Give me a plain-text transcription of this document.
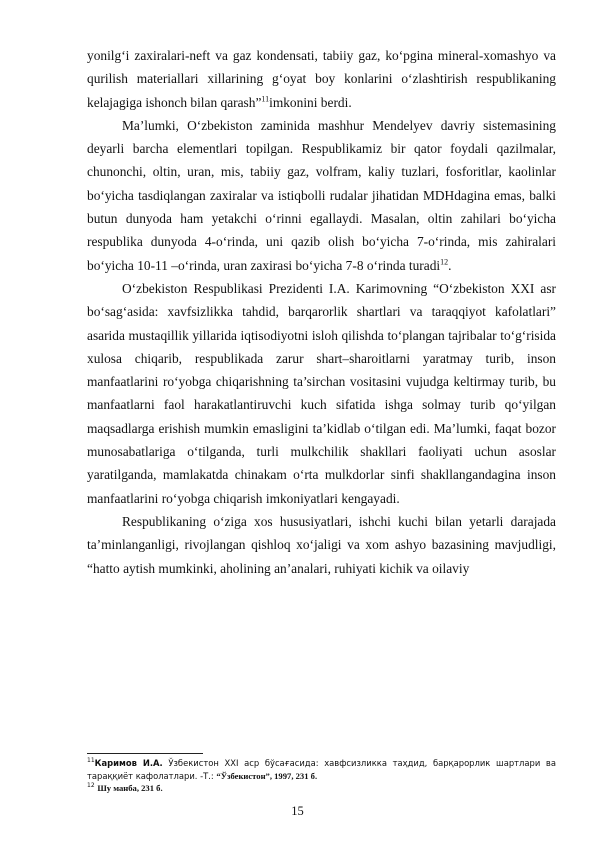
yonilg‘i zaxiralari-neft va gaz kondensati, tabiiy gaz, ko‘pgina mineral-xomashyo va qurilish materiallari xillarining g‘oyat boy konlarini o‘zlashtirish respublikaning kelajagiga ishonch bilan qarash”$^{11}$imkonini berdi.

Ma’lumki, O‘zbekiston zaminida mashhur Mendelyev davriy sistemasining deyarli barcha elementlari topilgan. Respublikamiz bir qator foydali qazilmalar, chunonchi, oltin, uran, mis, tabiiy gaz, volfram, kaliy tuzlari, fosforitlar, kaolinlar bo‘yicha tasdiqlangan zaxiralar va istiqbolli rudalar jihatidan MDHdagina emas, balki butun dunyoda ham yetakchi o‘rinni egallaydi. Masalan, oltin zahilari bo‘yicha respublika dunyoda 4-o‘rinda, uni qazib olish bo‘yicha 7-o‘rinda, mis zahiralari bo‘yicha 10-11 –o‘rinda, uran zaxirasi bo‘yicha 7-8 o‘rinda turadi$^{12}$.

O‘zbekiston Respublikasi Prezidenti I.A. Karimovning “O‘zbekiston XXI asr bo‘sag‘asida: xavfsizlikka tahdid, barqarorlik shartlari va taraqqiyot kafolatlari” asarida mustaqillik yillarida iqtisodiyotni isloh qilishda to‘plangan tajribalar to‘g‘risida xulosa chiqarib, respublikada zarur shart–sharoitlarni yaratmay turib, inson manfaatlarini ro‘yobga chiqarishning ta’sirchan vositasini vujudga keltirmay turib, bu manfaatlarni faol harakatlantiruvchi kuch sifatida ishga solmay turib qo‘yilgan maqsadlarga erishish mumkin emasligini ta’kidlab o‘tilgan edi. Ma’lumki, faqat bozor munosabatlariga o‘tilganda, turli mulkchilik shakllari faoliyati uchun asoslar yaratilganda, mamlakatda chinakam o‘rta mulkdorlar sinfi shakllangandagina inson manfaatlarini ro‘yobga chiqarish imkoniyatlari kengayadi.

Respublikaning o‘ziga xos hususiyatlari, ishchi kuchi bilan yetarli darajada ta’minlanganligi, rivojlangan qishloq xo‘jaligi va xom ashyo bazasining mavjudligi, “hatto aytish mumkinki, aholining an’analari, ruhiyati kichik va oilaviy

$^{11}$Каримов И.А. Ўзбекистон XXI аср бўсағасида: хавфсизликка таҳдид, барқарорлик шартлари ва тараққиёт кафолатлари. -Т.: “Ўзбекистон”, 1997, 231 б.

$^{12}$ Шу манба, 231 б.

15
